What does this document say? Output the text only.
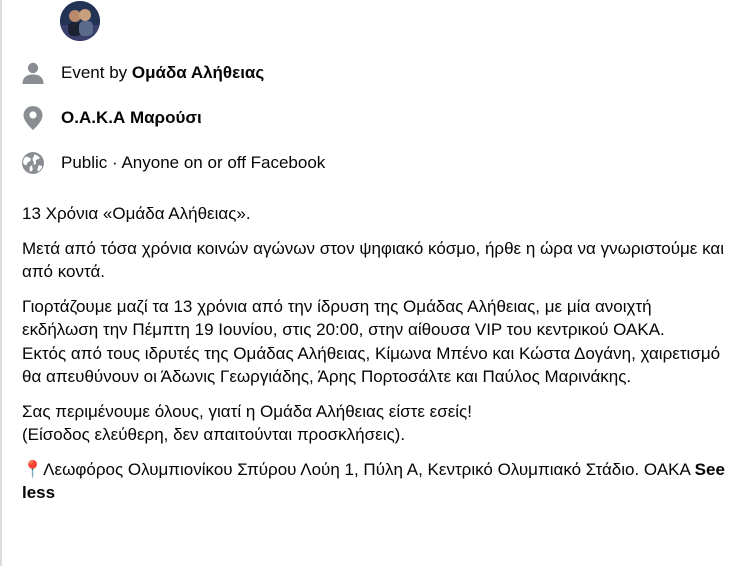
Event by Ομάδα Αλήθειας
Ο.Α.Κ.Α Μαρούσι
Public · Anyone on or off Facebook

13 Χρόνια «Ομάδα Αλήθειας».

Μετά από τόσα χρόνια κοινών αγώνων στον ψηφιακό κόσμο, ήρθε η ώρα να γνωριστούμε και από κοντά.

Γιορτάζουμε μαζί τα 13 χρόνια από την ίδρυση της Ομάδας Αλήθειας, με μία ανοιχτή εκδήλωση την Πέμπτη 19 Ιουνίου, στις 20:00, στην αίθουσα VIP του κεντρικού ΟΑΚΑ.

Εκτός από τους ιδρυτές της Ομάδας Αλήθειας, Κίμωνα Μπένο και Κώστα Δογάνη, χαιρετισμό θα απευθύνουν οι Άδωνις Γεωργιάδης, Άρης Πορτοσάλτε και Παύλος Μαρινάκης.

Σας περιμένουμε όλους, γιατί η Ομάδα Αλήθειας είστε εσείς!

(Είσοδος ελεύθερη, δεν απαιτούνται προσκλήσεις).

📍Λεωφόρος Ολυμπιονίκου Σπύρου Λούη 1, Πύλη Α, Κεντρικό Ολυμπιακό Στάδιο. ΟΑΚΑ See less
